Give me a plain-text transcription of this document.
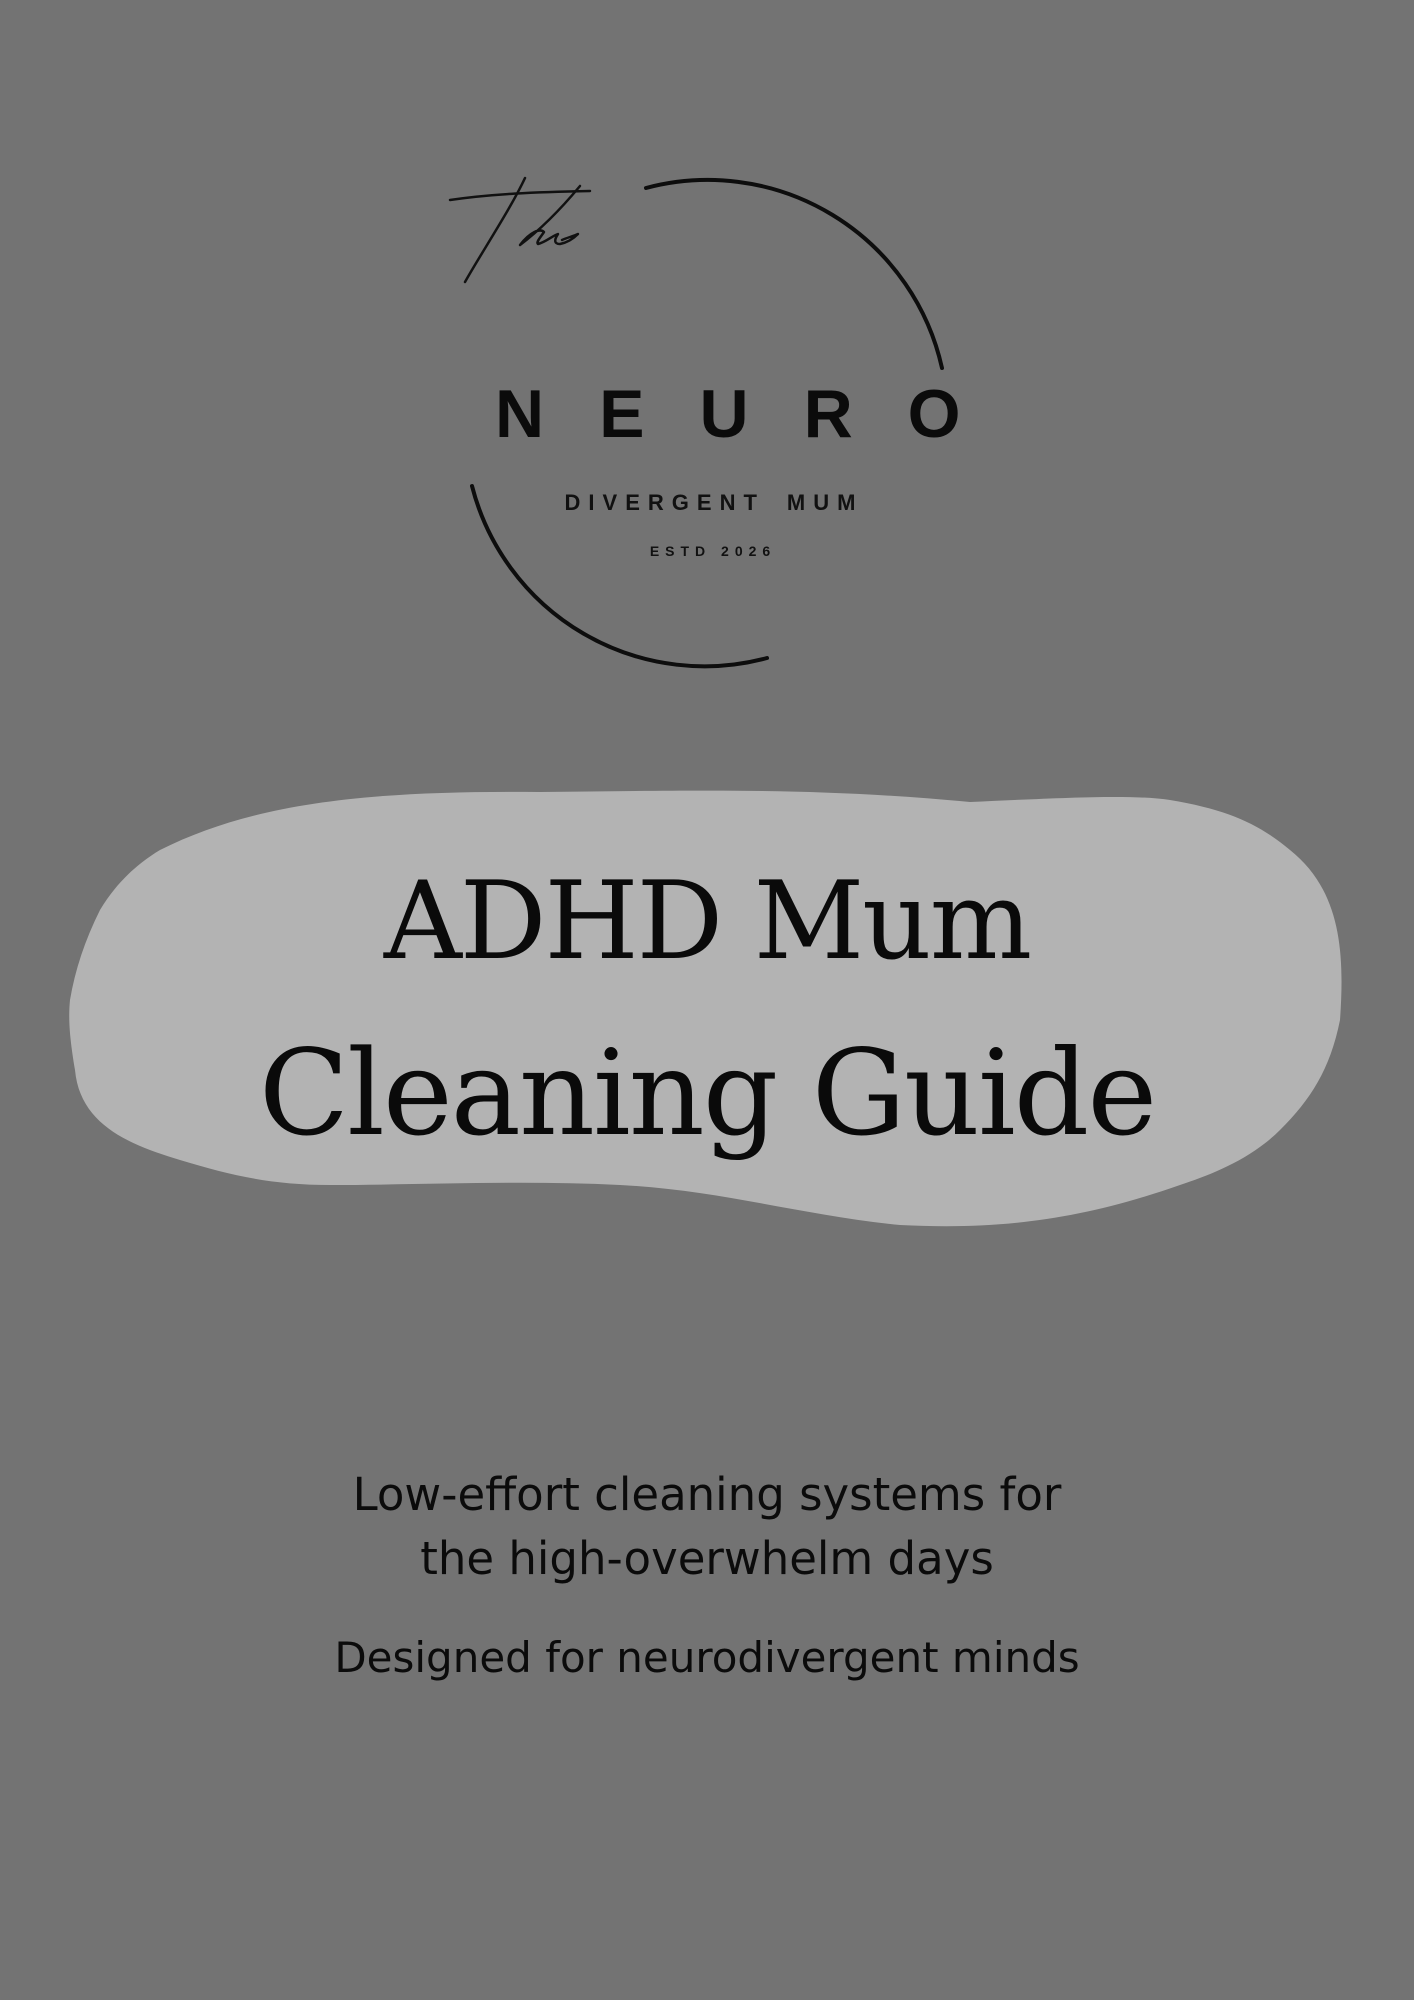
NEURO
DIVERGENT MUM
ESTD 2026
ADHD Mum
Cleaning Guide
Low-effort cleaning systems for
the high-overwhelm days
Designed for neurodivergent minds
